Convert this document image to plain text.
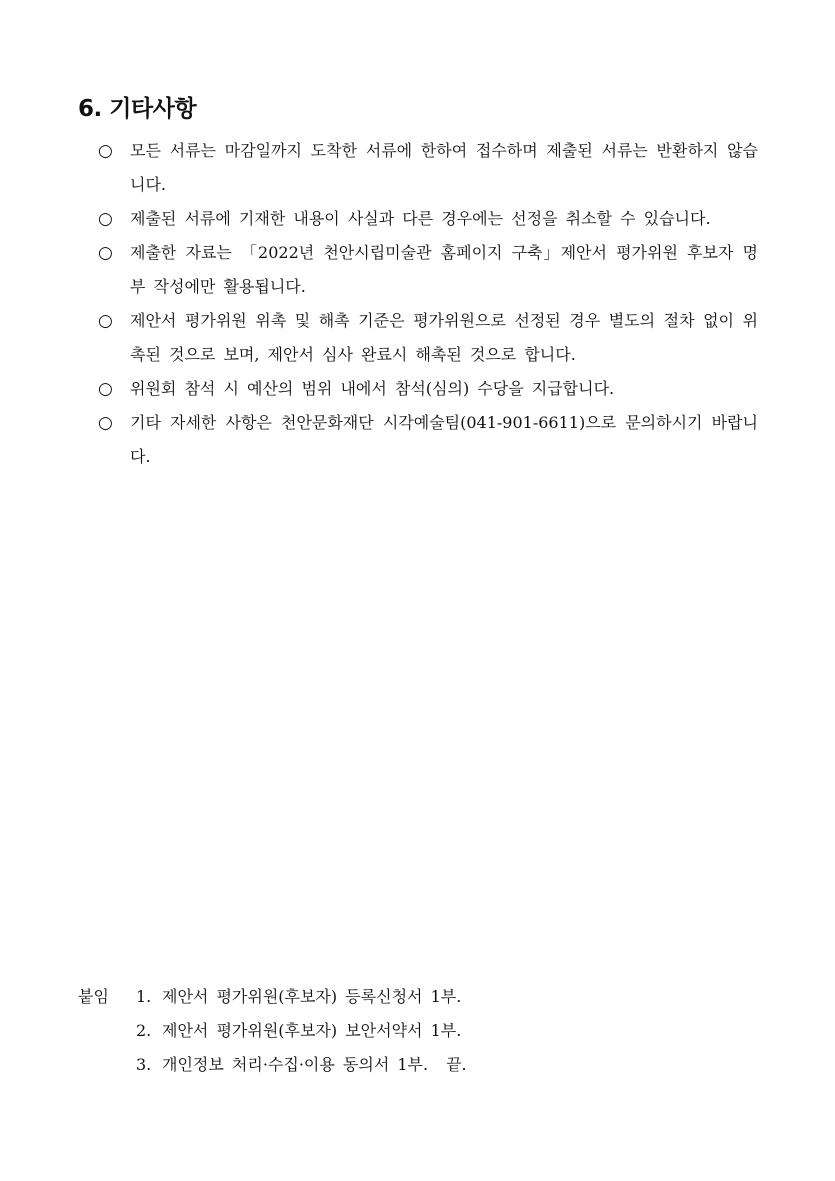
6. 기타사항
○ 모든 서류는 마감일까지 도착한 서류에 한하여 접수하며 제출된 서류는 반환하지 않습니다.
○ 제출된 서류에 기재한 내용이 사실과 다른 경우에는 선정을 취소할 수 있습니다.
○ 제출한 자료는 「2022년 천안시립미술관 홈페이지 구축」제안서 평가위원 후보자 명부 작성에만 활용됩니다.
○ 제안서 평가위원 위촉 및 해촉 기준은 평가위원으로 선정된 경우 별도의 절차 없이 위촉된 것으로 보며, 제안서 심사 완료시 해촉된 것으로 합니다.
○ 위원회 참석 시 예산의 범위 내에서 참석(심의) 수당을 지급합니다.
○ 기타 자세한 사항은 천안문화재단 시각예술팀(041-901-6611)으로 문의하시기 바랍니다.
붙임 1. 제안서 평가위원(후보자) 등록신청서 1부.
2. 제안서 평가위원(후보자) 보안서약서 1부.
3. 개인정보 처리·수집·이용 동의서 1부. 끝.
